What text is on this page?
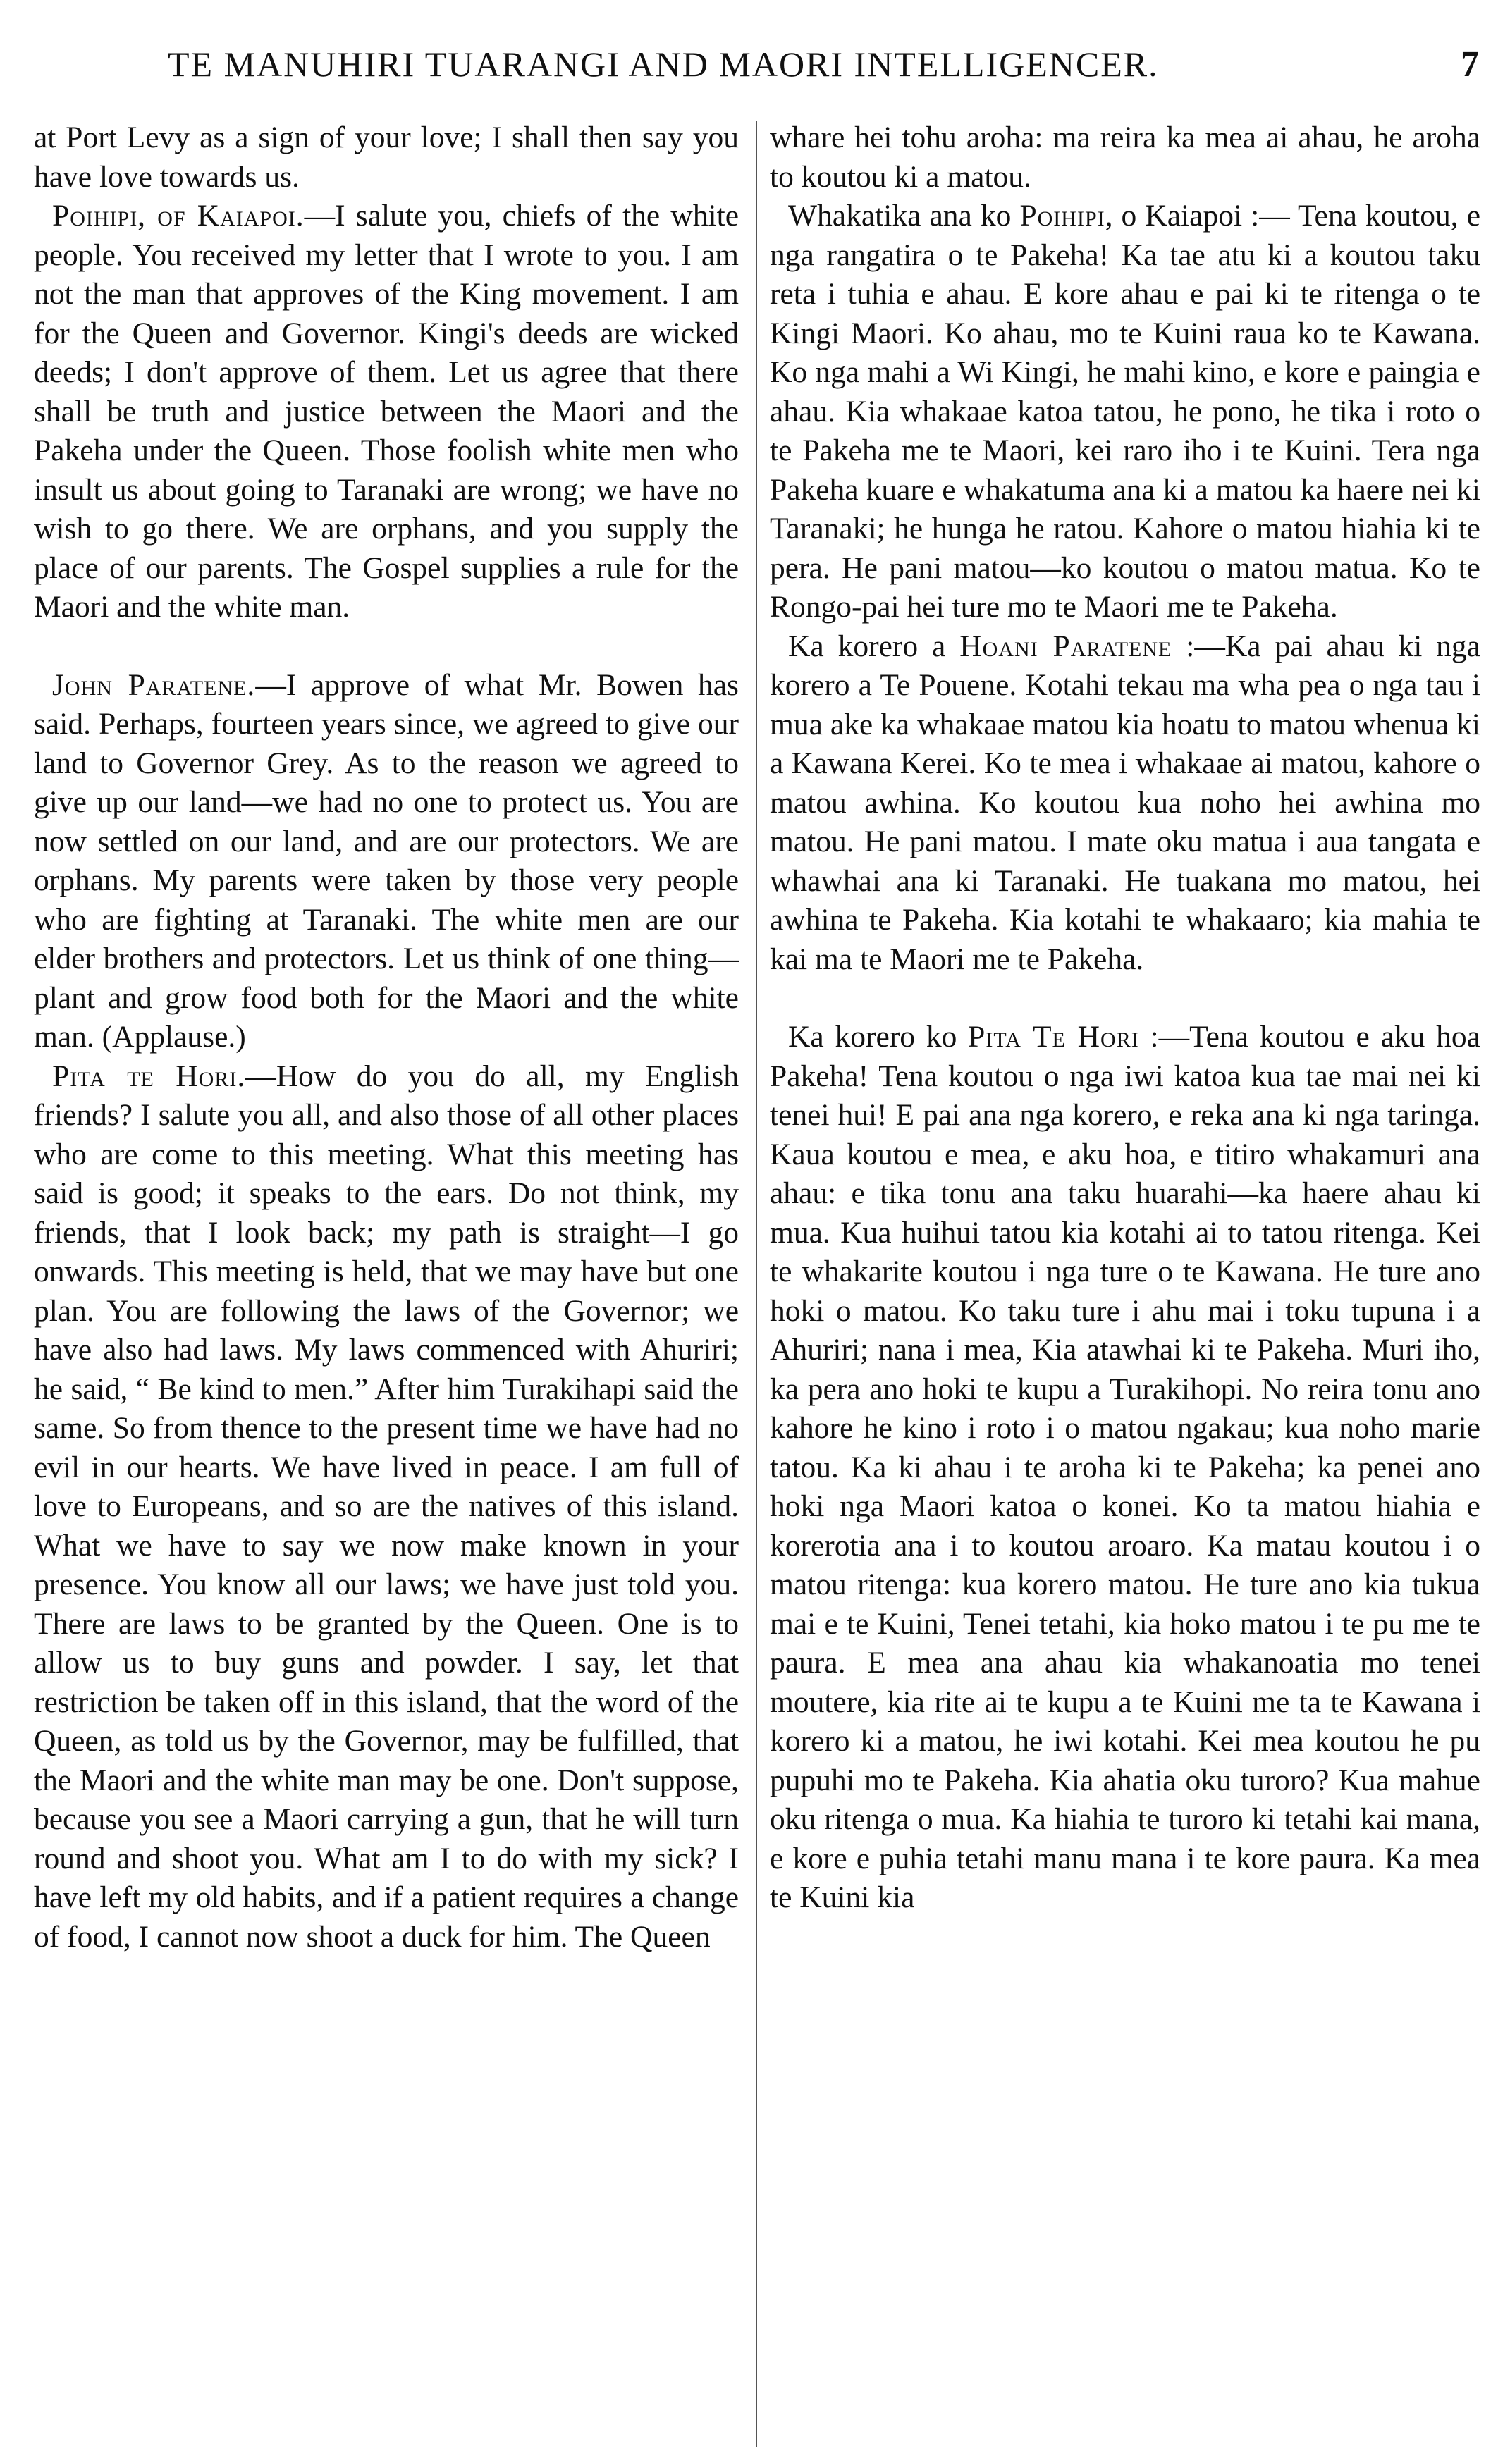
TE MANUHIRI TUARANGI AND MAORI INTELLIGENCER.	7

at Port Levy as a sign of your love; I shall then say you have love towards us.

Poihipi, of Kaiapoi.—I salute you, chiefs of the white people. You received my letter that I wrote to you. I am not the man that approves of the King movement. I am for the Queen and Governor. Kingi's deeds are wicked deeds; I don't approve of them. Let us agree that there shall be truth and justice between the Maori and the Pakeha under the Queen. Those foolish white men who insult us about going to Taranaki are wrong; we have no wish to go there. We are orphans, and you supply the place of our parents. The Gospel supplies a rule for the Maori and the white man.

John Paratene.—I approve of what Mr. Bowen has said. Perhaps, fourteen years since, we agreed to give our land to Governor Grey. As to the reason we agreed to give up our land—we had no one to protect us. You are now settled on our land, and are our protectors. We are orphans. My parents were taken by those very people who are fighting at Taranaki. The white men are our elder brothers and protectors. Let us think of one thing—plant and grow food both for the Maori and the white man. (Applause.)

Pita te Hori.—How do you do all, my English friends? I salute you all, and also those of all other places who are come to this meeting. What this meeting has said is good; it speaks to the ears. Do not think, my friends, that I look back; my path is straight—I go onwards. This meeting is held, that we may have but one plan. You are following the laws of the Governor; we have also had laws. My laws commenced with Ahuriri; he said, “ Be kind to men.” After him Turakihapi said the same. So from thence to the present time we have had no evil in our hearts. We have lived in peace. I am full of love to Europeans, and so are the natives of this island. What we have to say we now make known in your presence. You know all our laws; we have just told you. There are laws to be granted by the Queen. One is to allow us to buy guns and powder. I say, let that restriction be taken off in this island, that the word of the Queen, as told us by the Governor, may be fulfilled, that the Maori and the white man may be one. Don't suppose, because you see a Maori carrying a gun, that he will turn round and shoot you. What am I to do with my sick? I have left my old habits, and if a patient requires a change of food, I cannot now shoot a duck for him. The Queen

whare hei tohu aroha: ma reira ka mea ai ahau, he aroha to koutou ki a matou.

Whakatika ana ko Poihipi, o Kaiapoi :— Tena koutou, e nga rangatira o te Pakeha! Ka tae atu ki a koutou taku reta i tuhia e ahau. E kore ahau e pai ki te ritenga o te Kingi Maori. Ko ahau, mo te Kuini raua ko te Kawana. Ko nga mahi a Wi Kingi, he mahi kino, e kore e paingia e ahau. Kia whakaae katoa tatou, he pono, he tika i roto o te Pakeha me te Maori, kei raro iho i te Kuini. Tera nga Pakeha kuare e whakatuma ana ki a matou ka haere nei ki Taranaki; he hunga he ratou. Kahore o matou hiahia ki te pera. He pani matou—ko koutou o matou matua. Ko te Rongo-pai hei ture mo te Maori me te Pakeha.

Ka korero a Hoani Paratene :—Ka pai ahau ki nga korero a Te Pouene. Kotahi tekau ma wha pea o nga tau i mua ake ka whakaae matou kia hoatu to matou whenua ki a Kawana Kerei. Ko te mea i whakaae ai matou, kahore o matou awhina. Ko koutou kua noho hei awhina mo matou. He pani matou. I mate oku matua i aua tangata e whawhai ana ki Taranaki. He tuakana mo matou, hei awhina te Pakeha. Kia kotahi te whakaaro; kia mahia te kai ma te Maori me te Pakeha.

Ka korero ko Pita Te Hori :—Tena koutou e aku hoa Pakeha! Tena koutou o nga iwi katoa kua tae mai nei ki tenei hui! E pai ana nga korero, e reka ana ki nga taringa. Kaua koutou e mea, e aku hoa, e titiro whakamuri ana ahau: e tika tonu ana taku huarahi—ka haere ahau ki mua. Kua huihui tatou kia kotahi ai to tatou ritenga. Kei te whakarite koutou i nga ture o te Kawana. He ture ano hoki o matou. Ko taku ture i ahu mai i toku tupuna i a Ahuriri; nana i mea, Kia atawhai ki te Pakeha. Muri iho, ka pera ano hoki te kupu a Turakihopi. No reira tonu ano kahore he kino i roto i o matou ngakau; kua noho marie tatou. Ka ki ahau i te aroha ki te Pakeha; ka penei ano hoki nga Maori katoa o konei. Ko ta matou hiahia e korerotia ana i to koutou aroaro. Ka matau koutou i o matou ritenga: kua korero matou. He ture ano kia tukua mai e te Kuini, Tenei tetahi, kia hoko matou i te pu me te paura. E mea ana ahau kia whakanoatia mo tenei moutere, kia rite ai te kupu a te Kuini me ta te Kawana i korero ki a matou, he iwi kotahi. Kei mea koutou he pu pupuhi mo te Pakeha. Kia ahatia oku turoro? Kua mahue oku ritenga o mua. Ka hiahia te turoro ki tetahi kai mana, e kore e puhia tetahi manu mana i te kore paura. Ka mea te Kuini kia
